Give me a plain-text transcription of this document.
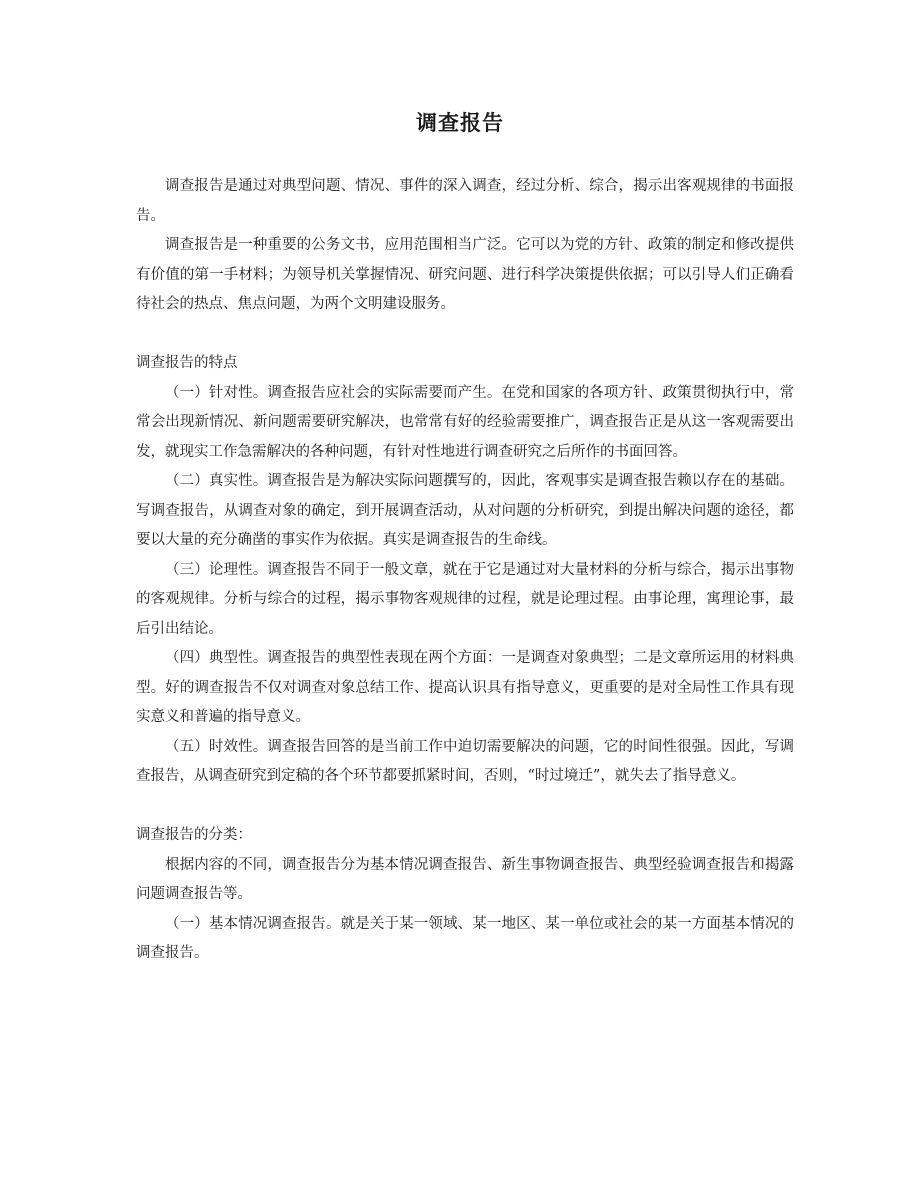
调查报告

调查报告是通过对典型问题、情况、事件的深入调查，经过分析、综合，揭示出客观规律的书面报告。

调查报告是一种重要的公务文书，应用范围相当广泛。它可以为党的方针、政策的制定和修改提供有价值的第一手材料；为领导机关掌握情况、研究问题、进行科学决策提供依据；可以引导人们正确看待社会的热点、焦点问题，为两个文明建设服务。

调查报告的特点

（一）针对性。调查报告应社会的实际需要而产生。在党和国家的各项方针、政策贯彻执行中，常常会出现新情况、新问题需要研究解决，也常常有好的经验需要推广，调查报告正是从这一客观需要出发，就现实工作急需解决的各种问题，有针对性地进行调查研究之后所作的书面回答。

（二）真实性。调查报告是为解决实际问题撰写的，因此，客观事实是调查报告赖以存在的基础。写调查报告，从调查对象的确定，到开展调查活动，从对问题的分析研究，到提出解决问题的途径，都要以大量的充分确凿的事实作为依据。真实是调查报告的生命线。

（三）论理性。调查报告不同于一般文章，就在于它是通过对大量材料的分析与综合，揭示出事物的客观规律。分析与综合的过程，揭示事物客观规律的过程，就是论理过程。由事论理，寓理论事，最后引出结论。

（四）典型性。调查报告的典型性表现在两个方面：一是调查对象典型；二是文章所运用的材料典型。好的调查报告不仅对调查对象总结工作、提高认识具有指导意义，更重要的是对全局性工作具有现实意义和普遍的指导意义。

（五）时效性。调查报告回答的是当前工作中迫切需要解决的问题，它的时间性很强。因此，写调查报告，从调查研究到定稿的各个环节都要抓紧时间，否则，“时过境迁”，就失去了指导意义。

调查报告的分类：

根据内容的不同，调查报告分为基本情况调查报告、新生事物调查报告、典型经验调查报告和揭露问题调查报告等。

（一）基本情况调查报告。就是关于某一领域、某一地区、某一单位或社会的某一方面基本情况的调查报告。
